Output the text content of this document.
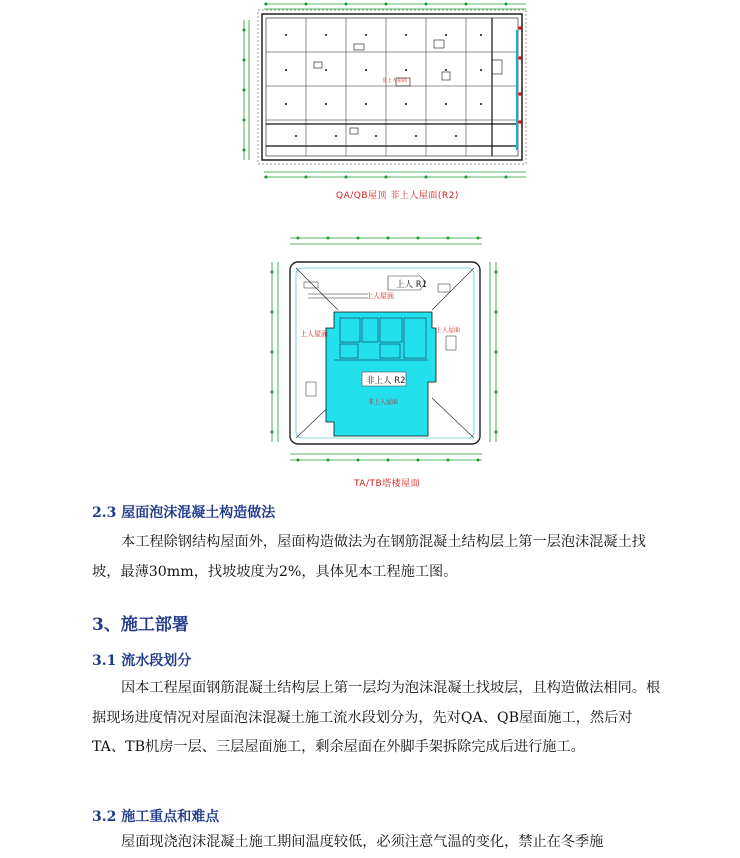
非上人屋面
QA/QB屋顶 非上人屋面(R2)
上人屋面
上人 R1
上人屋面	上人屋面
非上人 R2
非上人屋面
TA/TB塔楼屋面
2.3 屋面泡沫混凝土构造做法

本工程除钢结构屋面外，屋面构造做法为在钢筋混凝土结构层上第一层泡沫混凝土找坡，最薄30mm，找坡坡度为2%，具体见本工程施工图。

3、施工部署
3.1 流水段划分

因本工程屋面钢筋混凝土结构层上第一层均为泡沫混凝土找坡层，且构造做法相同。根据现场进度情况对屋面泡沫混凝土施工流水段划分为，先对QA、QB屋面施工，然后对TA、TB机房一层、三层屋面施工，剩余屋面在外脚手架拆除完成后进行施工。

3.2 施工重点和难点

屋面现浇泡沫混凝土施工期间温度较低，必须注意气温的变化，禁止在冬季施
